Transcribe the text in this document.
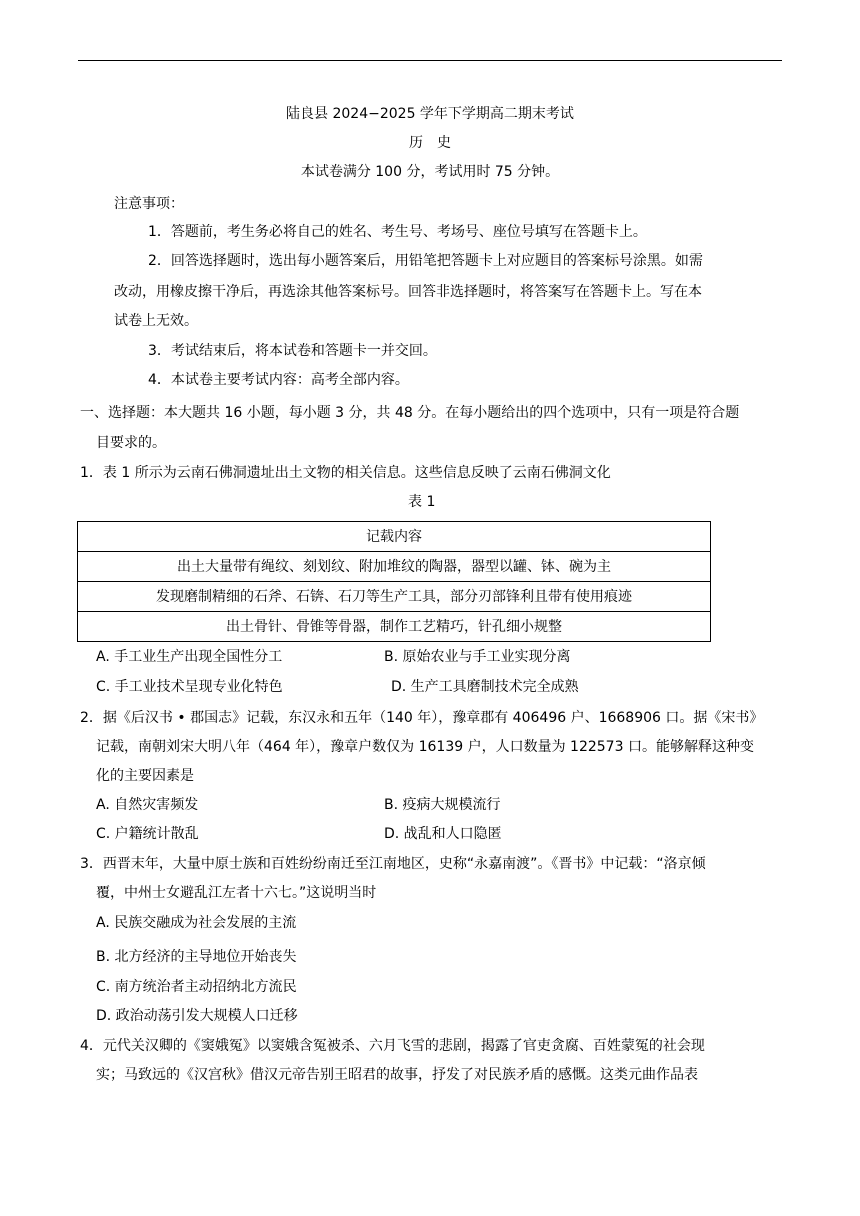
陆良县 2024−2025 学年下学期高二期末考试
历　史
本试卷满分 100 分，考试用时 75 分钟。
注意事项：
1．答题前，考生务必将自己的姓名、考生号、考场号、座位号填写在答题卡上。
2．回答选择题时，选出每小题答案后，用铅笔把答题卡上对应题目的答案标号涂黑。如需
改动，用橡皮擦干净后，再选涂其他答案标号。回答非选择题时，将答案写在答题卡上。写在本
试卷上无效。
3．考试结束后，将本试卷和答题卡一并交回。
4．本试卷主要考试内容：高考全部内容。
一、选择题：本大题共 16 小题，每小题 3 分，共 48 分。在每小题给出的四个选项中，只有一项是符合题
目要求的。
1．表 1 所示为云南石佛洞遗址出土文物的相关信息。这些信息反映了云南石佛洞文化
表 1
记载内容
出土大量带有绳纹、刻划纹、附加堆纹的陶器，器型以罐、钵、碗为主
发现磨制精细的石斧、石锛、石刀等生产工具，部分刃部锋利且带有使用痕迹
出土骨针、骨锥等骨器，制作工艺精巧，针孔细小规整
A. 手工业生产出现全国性分工	B. 原始农业与手工业实现分离
C. 手工业技术呈现专业化特色	D. 生产工具磨制技术完全成熟
2．据《后汉书 • 郡国志》记载，东汉永和五年（140 年），豫章郡有 406496 户、1668906 口。据《宋书》
记载，南朝刘宋大明八年（464 年），豫章户数仅为 16139 户，人口数量为 122573 口。能够解释这种变
化的主要因素是
A. 自然灾害频发	B. 疫病大规模流行
C. 户籍统计散乱	D. 战乱和人口隐匿
3．西晋末年，大量中原士族和百姓纷纷南迁至江南地区，史称“永嘉南渡”。《晋书》中记载：“洛京倾
覆，中州士女避乱江左者十六七。”这说明当时
A. 民族交融成为社会发展的主流
B. 北方经济的主导地位开始丧失
C. 南方统治者主动招纳北方流民
D. 政治动荡引发大规模人口迁移
4．元代关汉卿的《窦娥冤》以窦娥含冤被杀、六月飞雪的悲剧，揭露了官吏贪腐、百姓蒙冤的社会现
实；马致远的《汉宫秋》借汉元帝告别王昭君的故事，抒发了对民族矛盾的感慨。这类元曲作品表
